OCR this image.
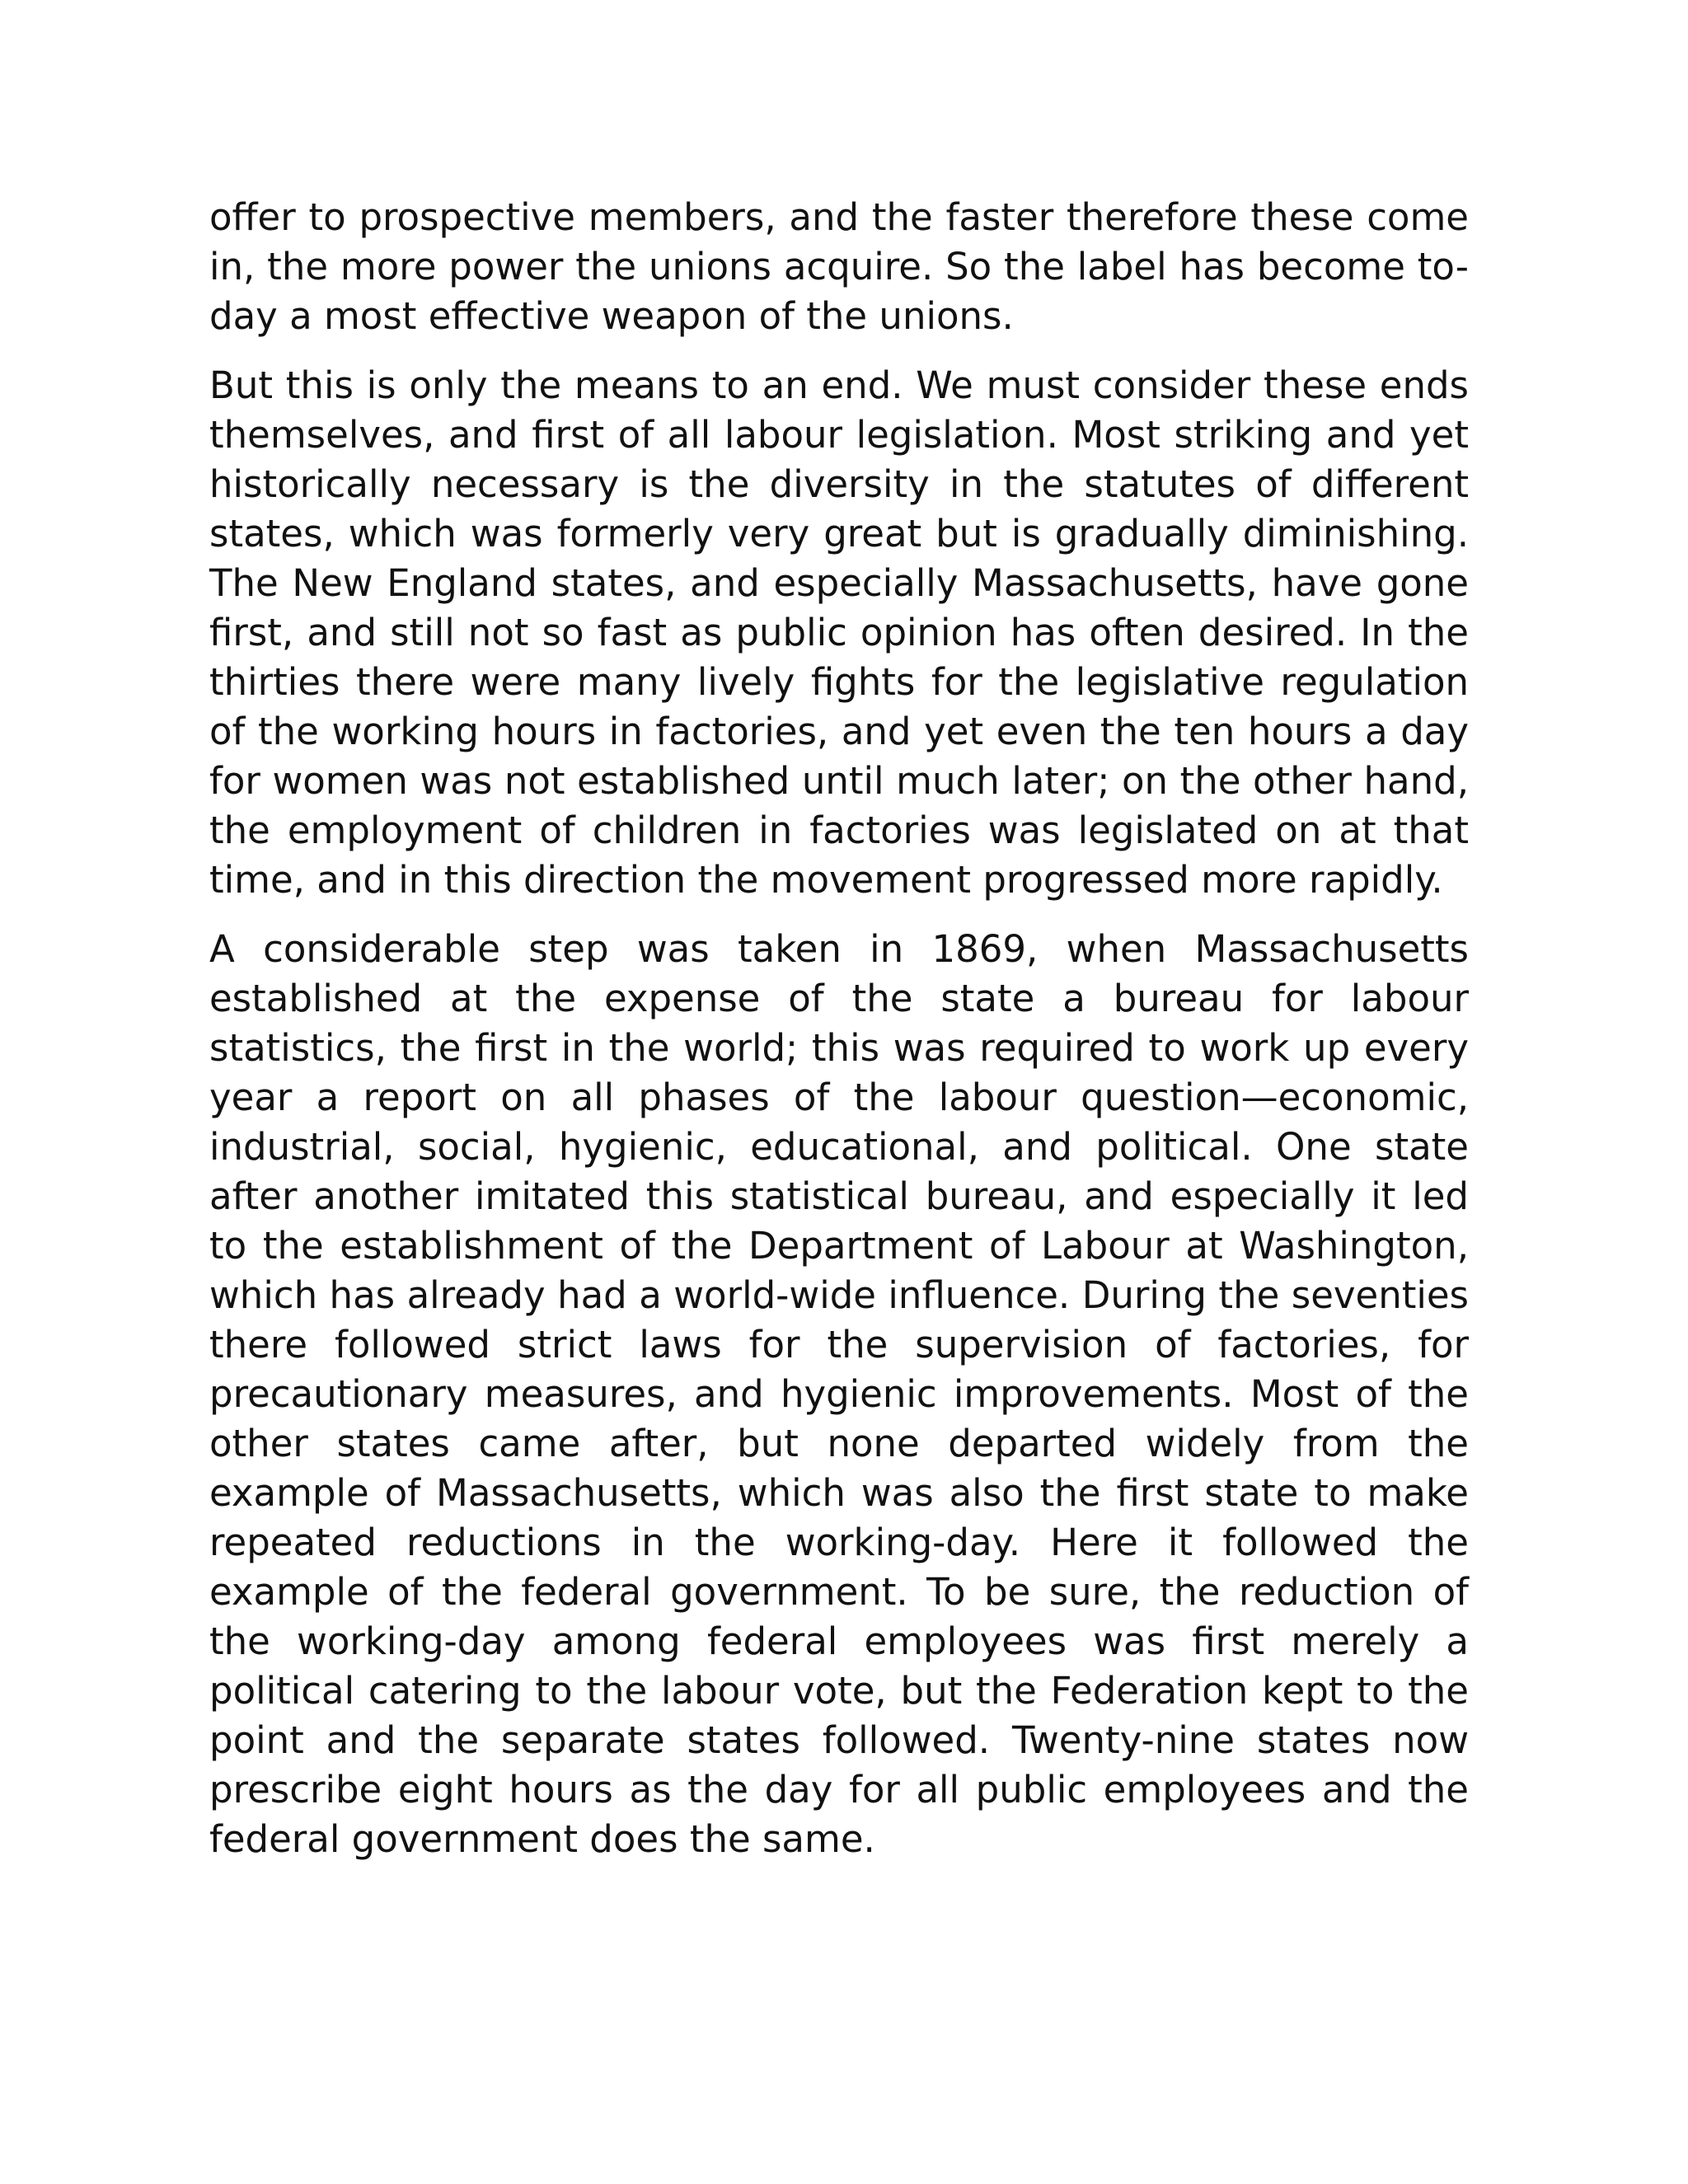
offer to prospective members, and the faster therefore these come in, the more power the unions acquire. So the label has become to-day a most effective weapon of the unions.

But this is only the means to an end. We must consider these ends themselves, and first of all labour legislation. Most striking and yet historically necessary is the diversity in the statutes of different states, which was formerly very great but is gradually diminishing. The New England states, and especially Massachusetts, have gone first, and still not so fast as public opinion has often desired. In the thirties there were many lively fights for the legislative regulation of the working hours in factories, and yet even the ten hours a day for women was not established until much later; on the other hand, the employment of children in factories was legislated on at that time, and in this direction the movement progressed more rapidly.

A considerable step was taken in 1869, when Massachusetts established at the expense of the state a bureau for labour statistics, the first in the world; this was required to work up every year a report on all phases of the labour question—economic, industrial, social, hygienic, educational, and political. One state after another imitated this statistical bureau, and especially it led to the establishment of the Department of Labour at Washington, which has already had a world-wide influence. During the seventies there followed strict laws for the supervision of factories, for precautionary measures, and hygienic improvements. Most of the other states came after, but none departed widely from the example of Massachusetts, which was also the first state to make repeated reductions in the working-day. Here it followed the example of the federal government. To be sure, the reduction of the working-day among federal employees was first merely a political catering to the labour vote, but the Federation kept to the point and the separate states followed. Twenty-nine states now prescribe eight hours as the day for all public employees and the federal government does the same.
